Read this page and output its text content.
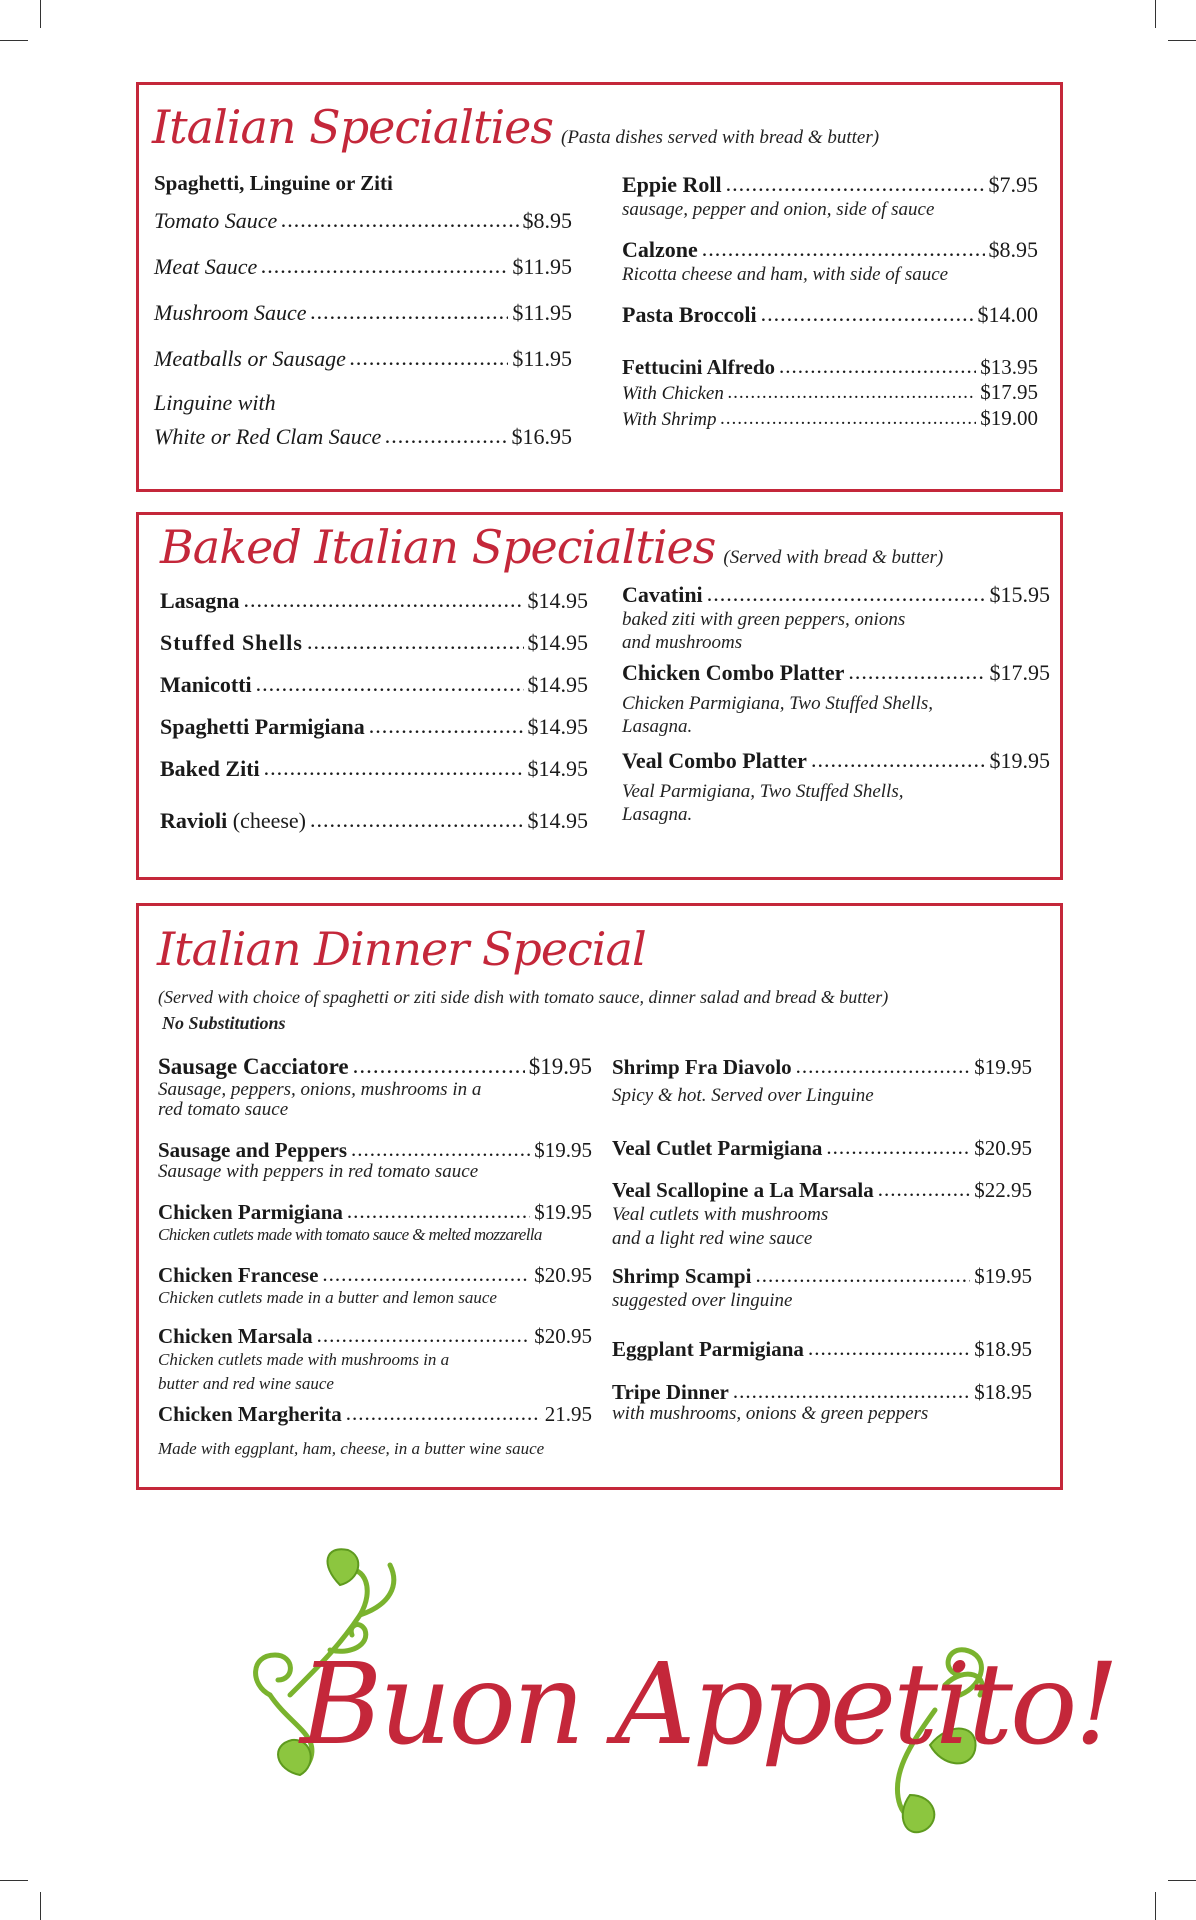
Italian Specialties (Pasta dishes served with bread & butter)
Spaghetti, Linguine or Ziti
Tomato Sauce .....	$8.95
Meat Sauce .....	$11.95
Mushroom Sauce .....	$11.95
Meatballs or Sausage .....	$11.95
Linguine with
White or Red Clam Sauce .....	$16.95
Eppie Roll .....	$7.95
sausage, pepper and onion, side of sauce
Calzone .....	$8.95
Ricotta cheese and ham, with side of sauce
Pasta Broccoli .....	$14.00
Fettucini Alfredo .....	$13.95
With Chicken .....	$17.95
With Shrimp .....	$19.00
Baked Italian Specialties (Served with bread & butter)
Lasagna .....	$14.95
Stuffed Shells .....	$14.95
Manicotti .....	$14.95
Spaghetti Parmigiana .....	$14.95
Baked Ziti .....	$14.95
Ravioli (cheese) .....	$14.95
Cavatini .....	$15.95
baked ziti with green peppers, onions
and mushrooms
Chicken Combo Platter .....	$17.95
Chicken Parmigiana, Two Stuffed Shells,
Lasagna.
Veal Combo Platter .....	$19.95
Veal Parmigiana, Two Stuffed Shells,
Lasagna.
Italian Dinner Special
(Served with choice of spaghetti or ziti side dish with tomato sauce, dinner salad and bread & butter)
No Substitutions
Sausage Cacciatore .....	$19.95
Sausage, peppers, onions, mushrooms in a
red tomato sauce
Sausage and Peppers .....	$19.95
Sausage with peppers in red tomato sauce
Chicken Parmigiana .....	$19.95
Chicken cutlets made with tomato sauce & melted mozzarella
Chicken Francese .....	$20.95
Chicken cutlets made in a butter and lemon sauce
Chicken Marsala .....	$20.95
Chicken cutlets made with mushrooms in a
butter and red wine sauce
Chicken Margherita .....	21.95
Made with eggplant, ham, cheese, in a butter wine sauce
Shrimp Fra Diavolo .....	$19.95
Spicy & hot. Served over Linguine
Veal Cutlet Parmigiana .....	$20.95
Veal Scallopine a La Marsala .....	$22.95
Veal cutlets with mushrooms
and a light red wine sauce
Shrimp Scampi .....	$19.95
suggested over linguine
Eggplant Parmigiana .....	$18.95
Tripe Dinner .....	$18.95
with mushrooms, onions & green peppers
Buon Appetito!
